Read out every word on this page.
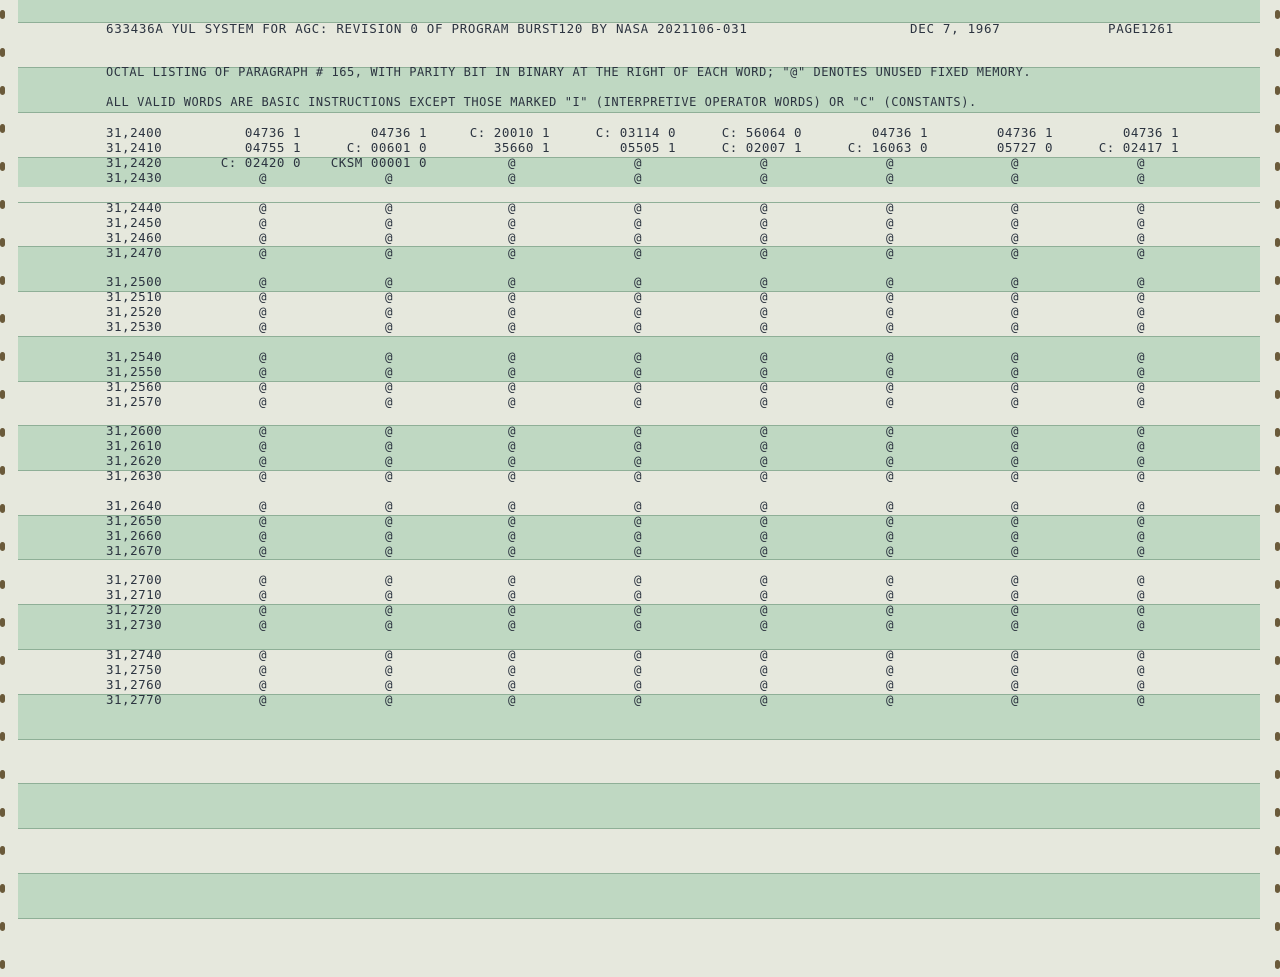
633436A YUL SYSTEM FOR AGC: REVISION 0 OF PROGRAM BURST120 BY NASA 2021106-031	DEC 7, 1967	PAGE1261
OCTAL LISTING OF PARAGRAPH # 165, WITH PARITY BIT IN BINARY AT THE RIGHT OF EACH WORD; "@" DENOTES UNUSED FIXED MEMORY.
ALL VALID WORDS ARE BASIC INSTRUCTIONS EXCEPT THOSE MARKED "I" (INTERPRETIVE OPERATOR WORDS) OR "C" (CONSTANTS).
31,2400	04736 1	04736 1	C: 20010 1	C: 03114 0	C: 56064 0	04736 1	04736 1	04736 1
31,2410	04755 1	C: 00601 0	35660 1	05505 1	C: 02007 1	C: 16063 0	05727 0	C: 02417 1
31,2420	C: 02420 0 CKSM 00001 0	@	@	@	@	@	@
31,2430	@	@	@	@	@	@	@	@
31,2440	@	@	@	@	@	@	@	@
31,2450	@	@	@	@	@	@	@	@
31,2460	@	@	@	@	@	@	@	@
31,2470	@	@	@	@	@	@	@	@
31,2500	@	@	@	@	@	@	@	@
31,2510	@	@	@	@	@	@	@	@
31,2520	@	@	@	@	@	@	@	@
31,2530	@	@	@	@	@	@	@	@
31,2540	@	@	@	@	@	@	@	@
31,2550	@	@	@	@	@	@	@	@
31,2560	@	@	@	@	@	@	@	@
31,2570	@	@	@	@	@	@	@	@
31,2600	@	@	@	@	@	@	@	@
31,2610	@	@	@	@	@	@	@	@
31,2620	@	@	@	@	@	@	@	@
31,2630	@	@	@	@	@	@	@	@
31,2640	@	@	@	@	@	@	@	@
31,2650	@	@	@	@	@	@	@	@
31,2660	@	@	@	@	@	@	@	@
31,2670	@	@	@	@	@	@	@	@
31,2700	@	@	@	@	@	@	@	@
31,2710	@	@	@	@	@	@	@	@
31,2720	@	@	@	@	@	@	@	@
31,2730	@	@	@	@	@	@	@	@
31,2740	@	@	@	@	@	@	@	@
31,2750	@	@	@	@	@	@	@	@
31,2760	@	@	@	@	@	@	@	@
31,2770	@	@	@	@	@	@	@	@
